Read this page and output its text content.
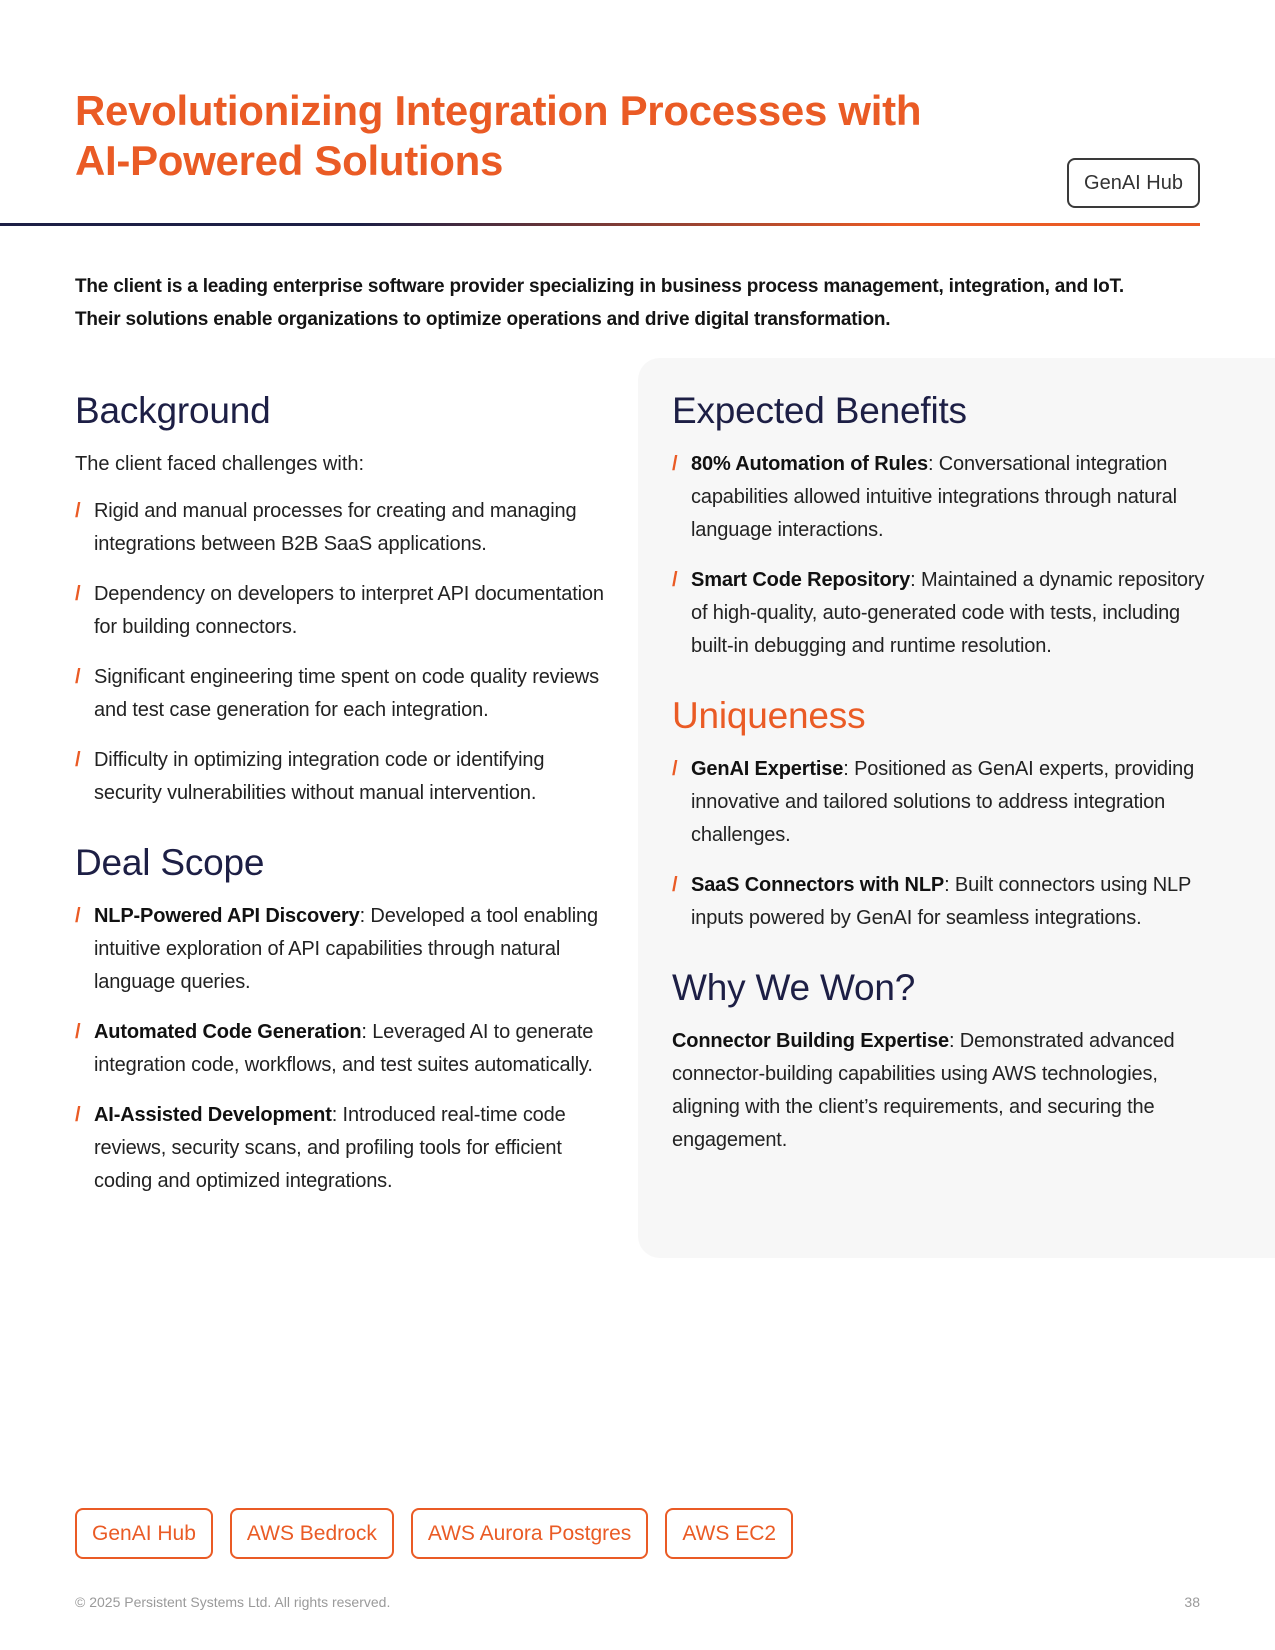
Revolutionizing Integration Processes with
AI-Powered Solutions	GenAI Hub

The client is a leading enterprise software provider specializing in business process management, integration, and IoT.
Their solutions enable organizations to optimize operations and drive digital transformation.

Background

The client faced challenges with:

/ Rigid and manual processes for creating and managing integrations between B2B SaaS applications.
/ Dependency on developers to interpret API documentation for building connectors.
/ Significant engineering time spent on code quality reviews and test case generation for each integration.
/ Difficulty in optimizing integration code or identifying security vulnerabilities without manual intervention.
Deal Scope
/ NLP-Powered API Discovery: Developed a tool enabling intuitive exploration of API capabilities through natural language queries.
/ Automated Code Generation: Leveraged AI to generate integration code, workflows, and test suites automatically.
/ AI-Assisted Development: Introduced real-time code reviews, security scans, and profiling tools for efficient coding and optimized integrations.
Expected Benefits
/ 80% Automation of Rules: Conversational integration capabilities allowed intuitive integrations through natural language interactions.
/ Smart Code Repository: Maintained a dynamic repository of high-quality, auto-generated code with tests, including built-in debugging and runtime resolution.
Uniqueness
/ GenAI Expertise: Positioned as GenAI experts, providing innovative and tailored solutions to address integration challenges.
/ SaaS Connectors with NLP: Built connectors using NLP inputs powered by GenAI for seamless integrations.
Why We Won?

Connector Building Expertise: Demonstrated advanced connector-building capabilities using AWS technologies, aligning with the client’s requirements, and securing the engagement.

GenAI Hub	AWS Bedrock	AWS Aurora Postgres	AWS EC2
© 2025 Persistent Systems Ltd. All rights reserved.	38
